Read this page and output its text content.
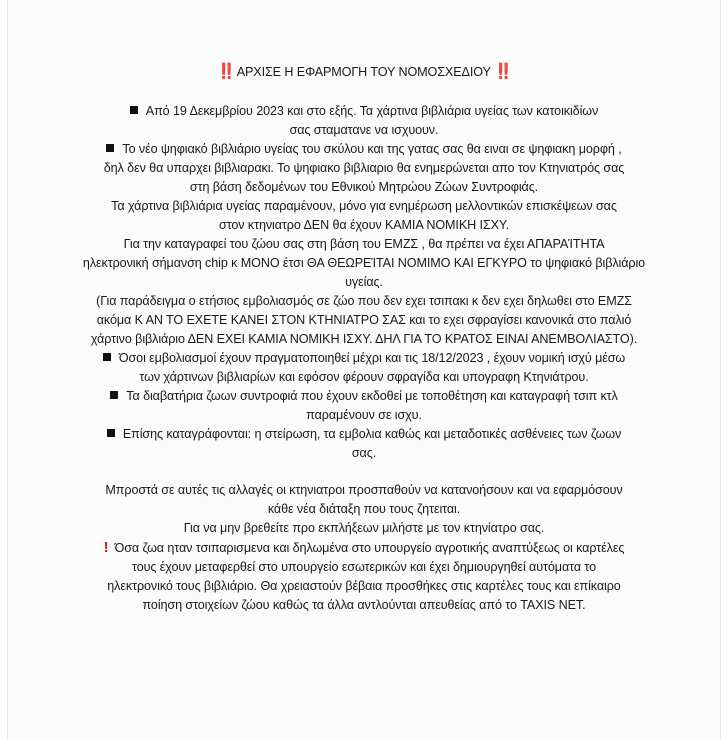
‼️ ΑΡΧΙΣΕ Η ΕΦΑΡΜΟΓΗ ΤΟΥ ΝΟΜΟΣΧΕΔΙΟΥ ‼️

Από 19 Δεκεμβρίου 2023 και στο εξής. Τα χάρτινα βιβλιάρια υγείας των κατοικιδίων
σας σταματανε να ισχυουν.

Το νέο ψηφιακό βιβλιάριο υγείας του σκύλου και της γατας σας θα ειναι σε ψηφιακη μορφή ,
δηλ δεν θα υπαρχει βιβλιαρακι. Το ψηφιακο βιβλιαριο θα ενημερώνεται απο τον Κτηνιατρός σας
στη βάση δεδομένων του Εθνικού Μητρώου Ζώων Συντροφιάς.
Τα χάρτινα βιβλιάρια υγείας παραμένουν, μόνο για ενημέρωση μελλοντικών επισκέψεων σας
στον κτηνιατρο ΔΕΝ θα έχουν ΚΑΜΙΑ ΝΟΜΙΚΗ ΙΣΧΥ.
Για την καταγραφεί του ζώου σας στη βάση του ΕΜΖΣ , θα πρέπει να έχει ΑΠΑΡΑΊΤΗΤΑ
ηλεκτρονική σήμανση chip κ ΜΟΝΟ έτσι ΘΑ ΘΕΩΡΕΊΤΑΙ ΝΟΜΙΜΟ ΚΑΙ ΕΓΚΥΡΟ το ψηφιακό βιβλιάριο
υγείας.

(Για παράδειγμα ο ετήσιος εμβολιασμός σε ζώο που δεν εχει τσιπακι κ δεν εχει δηλωθει στο ΕΜΖΣ
ακόμα Κ ΑΝ ΤΟ ΕΧΕΤΕ ΚΑΝΕΙ ΣΤΟΝ ΚΤΗΝΙΑΤΡΟ ΣΑΣ και το εχει σφραγίσει κανονικά στο παλιό
χάρτινο βιβλιάριο ΔΕΝ ΕΧΕΙ ΚΑΜΙΑ ΝΟΜΙΚΗ ΙΣΧΥ. ΔΗΛ ΓΙΑ ΤΟ ΚΡΑΤΟΣ ΕΙΝΑΙ ΑΝΕΜΒΟΛΙΑΣΤΟ).

Όσοι εμβολιασμοί έχουν πραγματοποιηθεί μέχρι και τις 18/12/2023 , έχουν νομική ισχύ μέσω
των χάρτινων βιβλιαρίων και εφόσον φέρουν σφραγίδα και υπογραφη Κτηνιάτρου.

Τα διαβατήρια ζωων συντροφιά που έχουν εκδοθεί με τοποθέτηση και καταγραφή τσιπ κτλ
παραμένουν σε ισχυ.

Επίσης καταγράφονται: η στείρωση, τα εμβολια καθώς και μεταδοτικές ασθένειες των ζωων
σας.

Μπροστά σε αυτές τις αλλαγές οι κτηνιατροι προσπαθούν να κατανοήσουν και να εφαρμόσουν
κάθε νέα διάταξη που τους ζητειται.
Για να μην βρεθείτε προ εκπλήξεων μιλήστε με τον κτηνίατρο σας.

! Όσα ζωα ηταν τσιπαρισμενα και δηλωμένα στο υπουργείο αγροτικής αναπτύξεως οι καρτέλες
τους έχουν μεταφερθεί στο υπουργείο εσωτερικών και έχει δημιουργηθεί αυτόματα το
ηλεκτρονικό τους βιβλιάριο. Θα χρειαστούν βέβαια προσθήκες στις καρτέλες τους και επίκαιρο
ποίηση στοιχείων ζώου καθώς τα άλλα αντλούνται απευθείας από το TAXIS NET.
